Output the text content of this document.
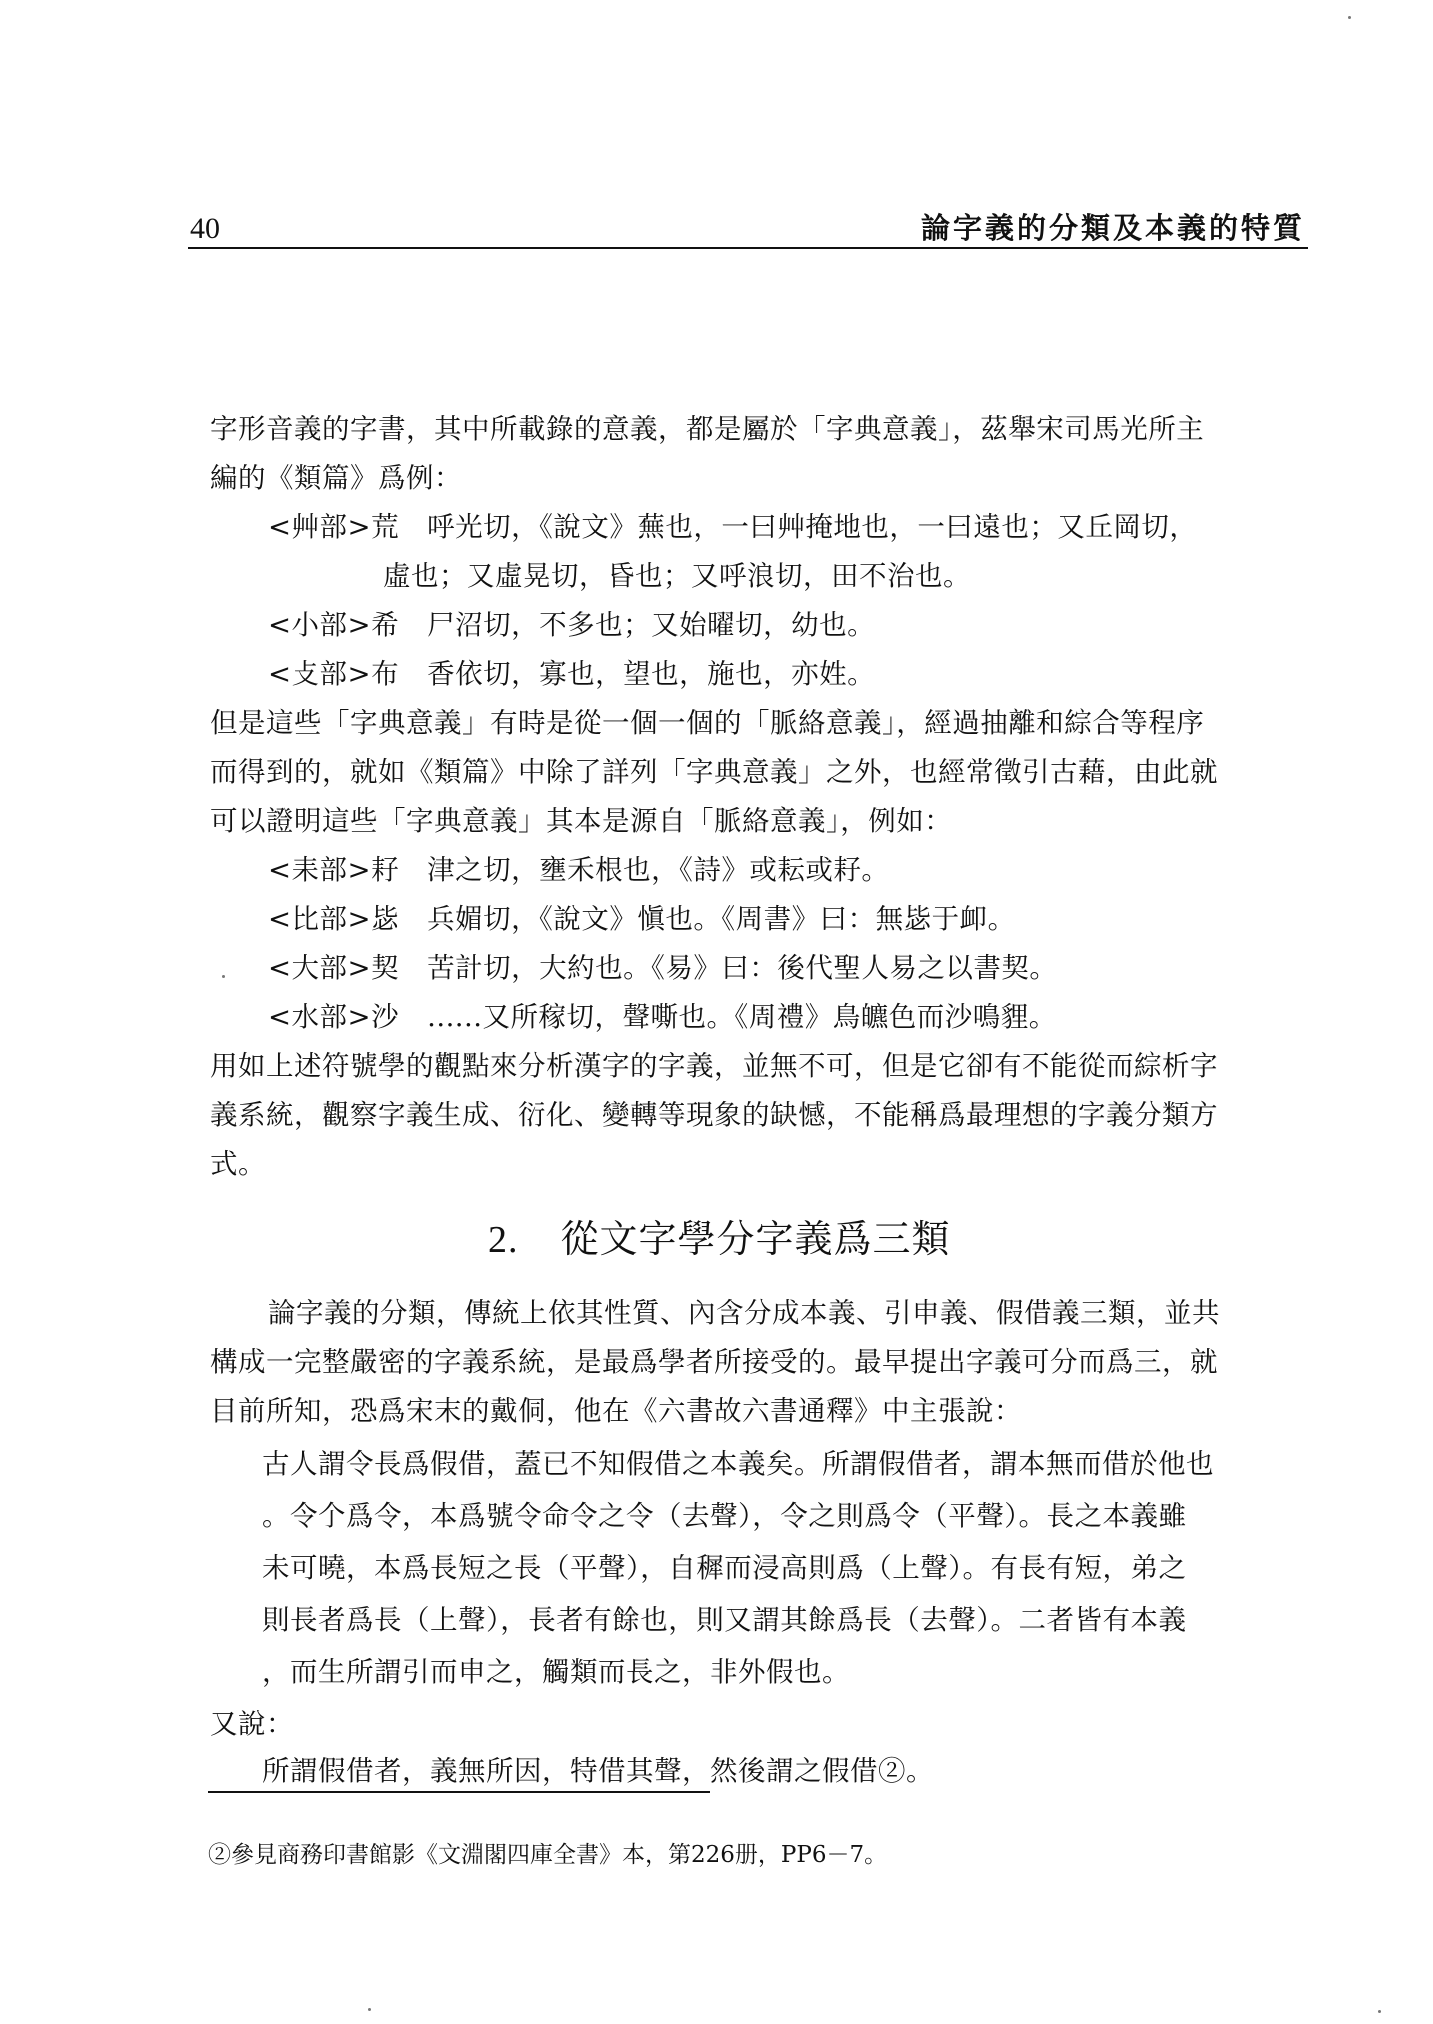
40	論字義的分類及本義的特質
字形音義的字書，其中所載錄的意義，都是屬於「字典意義」，茲舉宋司馬光所主
編的《類篇》爲例：
<艸部>荒　呼光切，《說文》蕪也，一曰艸掩地也，一曰遠也；又丘岡切，
虛也；又虛晃切，昏也；又呼浪切，田不治也。
<小部>希　尸沼切，不多也；又始曜切，幼也。
<攴部>布　香依切，寡也，望也，施也，亦姓。
但是這些「字典意義」有時是從一個一個的「脈絡意義」，經過抽離和綜合等程序
而得到的，就如《類篇》中除了詳列「字典意義」之外，也經常徵引古藉，由此就
可以證明這些「字典意義」其本是源自「脈絡意義」，例如：
<耒部>耔　津之切，壅禾根也，《詩》或耘或耔。
<比部>毖　兵媚切，《說文》愼也。《周書》曰：無毖于卹。
<大部>契　苦計切，大約也。《易》曰：後代聖人易之以書契。
<水部>沙　......又所稼切，聲嘶也。《周禮》鳥皫色而沙鳴貍。
用如上述符號學的觀點來分析漢字的字義，並無不可，但是它卻有不能從而綜析字
義系統，觀察字義生成、衍化、變轉等現象的缺憾，不能稱爲最理想的字義分類方
式。
2. 從文字學分字義爲三類
論字義的分類，傳統上依其性質、內含分成本義、引申義、假借義三類，並共
構成一完整嚴密的字義系統，是最爲學者所接受的。最早提出字義可分而爲三，就
目前所知，恐爲宋末的戴侗，他在《六書故六書通釋》中主張說：
古人謂令長爲假借，蓋已不知假借之本義矣。所謂假借者，謂本無而借於他也
。令𠆤爲令，本爲號令命令之令（去聲），令之則爲令（平聲）。長之本義雖
未可曉，本爲長短之長（平聲），自穉而浸高則爲（上聲）。有長有短，弟之
則長者爲長（上聲），長者有餘也，則又謂其餘爲長（去聲）。二者皆有本義
，而生所謂引而申之，觸類而長之，非外假也。
又說：
所謂假借者，義無所因，特借其聲，然後謂之假借②。
②參見商務印書館影《文淵閣四庫全書》本，第226册，PP6－7。
